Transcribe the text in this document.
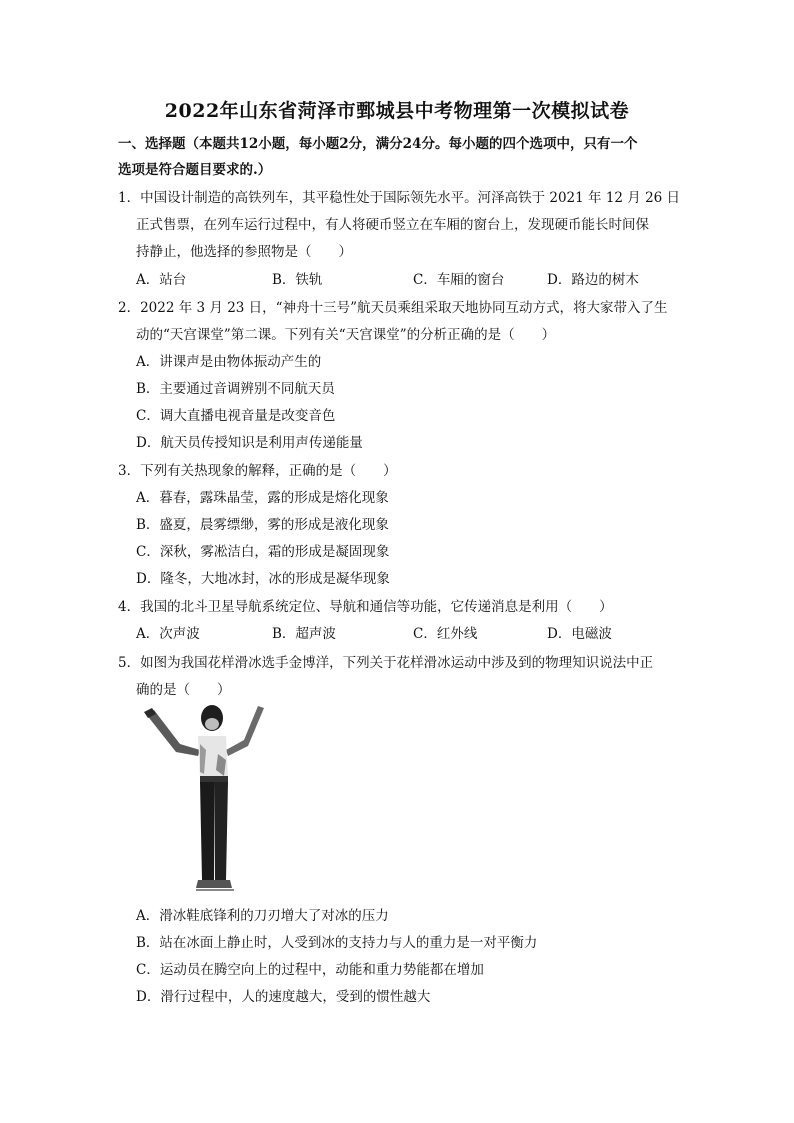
2022年山东省菏泽市鄄城县中考物理第一次模拟试卷
一、选择题（本题共12小题，每小题2分，满分24分。每小题的四个选项中，只有一个
选项是符合题目要求的.）
1．中国设计制造的高铁列车，其平稳性处于国际领先水平。河泽高铁于 2021 年 12 月 26 日
正式售票，在列车运行过程中，有人将硬币竖立在车厢的窗台上，发现硬币能长时间保
持静止，他选择的参照物是（　　）
A．站台	B．铁轨	C．车厢的窗台	D．路边的树木
2．2022 年 3 月 23 日，“神舟十三号”航天员乘组采取天地协同互动方式，将大家带入了生
动的“天宫课堂”第二课。下列有关“天宫课堂”的分析正确的是（　　）
A．讲课声是由物体振动产生的
B．主要通过音调辨别不同航天员
C．调大直播电视音量是改变音色
D．航天员传授知识是利用声传递能量
3．下列有关热现象的解释，正确的是（　　）
A．暮春，露珠晶莹，露的形成是熔化现象
B．盛夏，晨雾缥缈，雾的形成是液化现象
C．深秋，雾凇洁白，霜的形成是凝固现象
D．隆冬，大地冰封，冰的形成是凝华现象
4．我国的北斗卫星导航系统定位、导航和通信等功能，它传递消息是利用（　　）
A．次声波	B．超声波	C．红外线	D．电磁波
5．如图为我国花样滑冰选手金博洋，下列关于花样滑冰运动中涉及到的物理知识说法中正
确的是（　　）
A．滑冰鞋底锋利的刀刃增大了对冰的压力
B．站在冰面上静止时，人受到冰的支持力与人的重力是一对平衡力
C．运动员在腾空向上的过程中，动能和重力势能都在增加
D．滑行过程中，人的速度越大，受到的惯性越大
